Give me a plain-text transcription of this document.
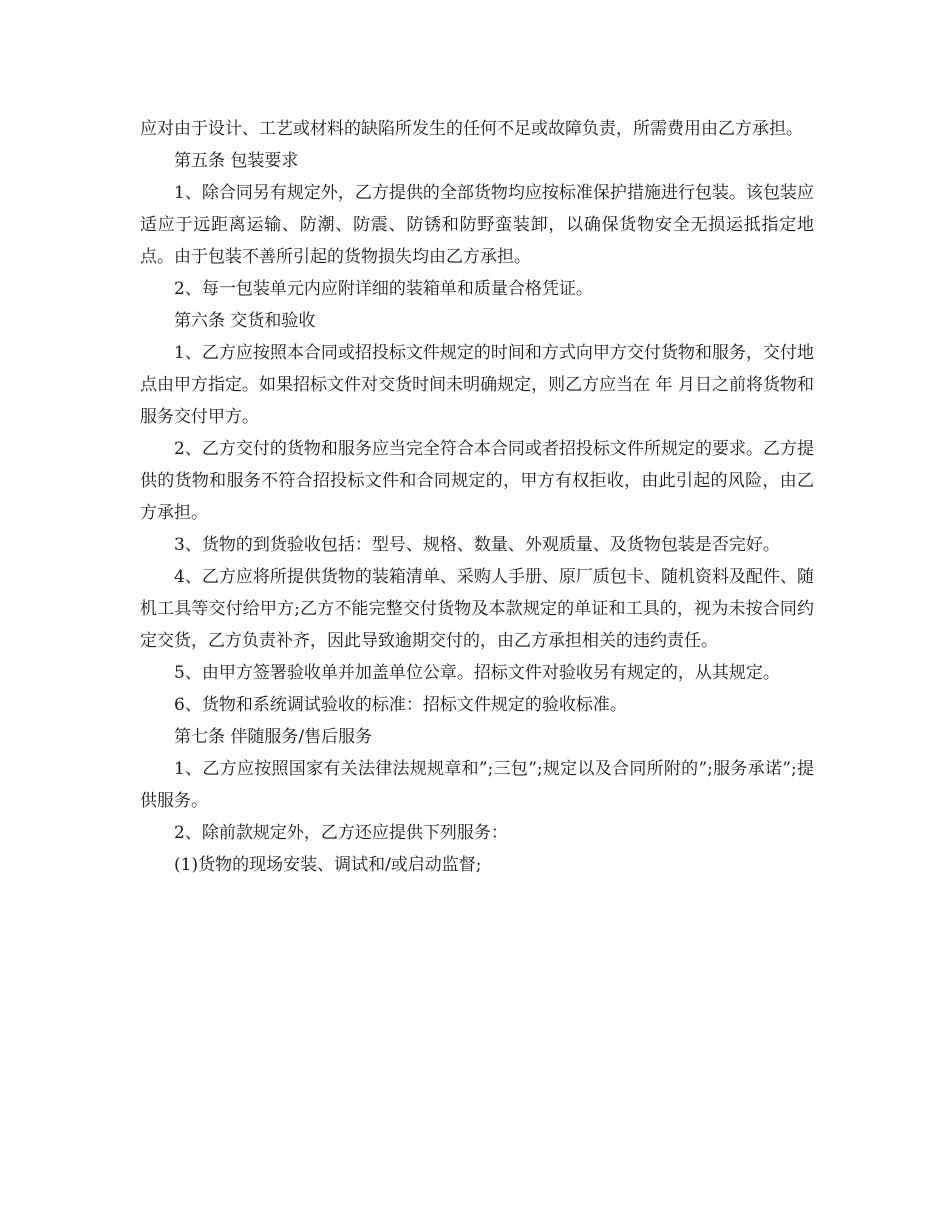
应对由于设计、工艺或材料的缺陷所发生的任何不足或故障负责，所需费用由乙方承担。

第五条 包装要求

1、除合同另有规定外，乙方提供的全部货物均应按标准保护措施进行包装。该包装应适应于远距离运输、防潮、防震、防锈和防野蛮装卸，以确保货物安全无损运抵指定地点。由于包装不善所引起的货物损失均由乙方承担。

2、每一包装单元内应附详细的装箱单和质量合格凭证。

第六条 交货和验收

1、乙方应按照本合同或招投标文件规定的时间和方式向甲方交付货物和服务，交付地点由甲方指定。如果招标文件对交货时间未明确规定，则乙方应当在 年 月日之前将货物和服务交付甲方。

2、乙方交付的货物和服务应当完全符合本合同或者招投标文件所规定的要求。乙方提供的货物和服务不符合招投标文件和合同规定的，甲方有权拒收，由此引起的风险，由乙方承担。

3、货物的到货验收包括：型号、规格、数量、外观质量、及货物包装是否完好。

4、乙方应将所提供货物的装箱清单、采购人手册、原厂质包卡、随机资料及配件、随机工具等交付给甲方;乙方不能完整交付货物及本款规定的单证和工具的，视为未按合同约定交货，乙方负责补齐，因此导致逾期交付的，由乙方承担相关的违约责任。

5、由甲方签署验收单并加盖单位公章。招标文件对验收另有规定的，从其规定。

6、货物和系统调试验收的标准：招标文件规定的验收标准。

第七条 伴随服务/售后服务

1、乙方应按照国家有关法律法规规章和”;三包”;规定以及合同所附的”;服务承诺”;提供服务。

2、除前款规定外，乙方还应提供下列服务：

(1)货物的现场安装、调试和/或启动监督;
